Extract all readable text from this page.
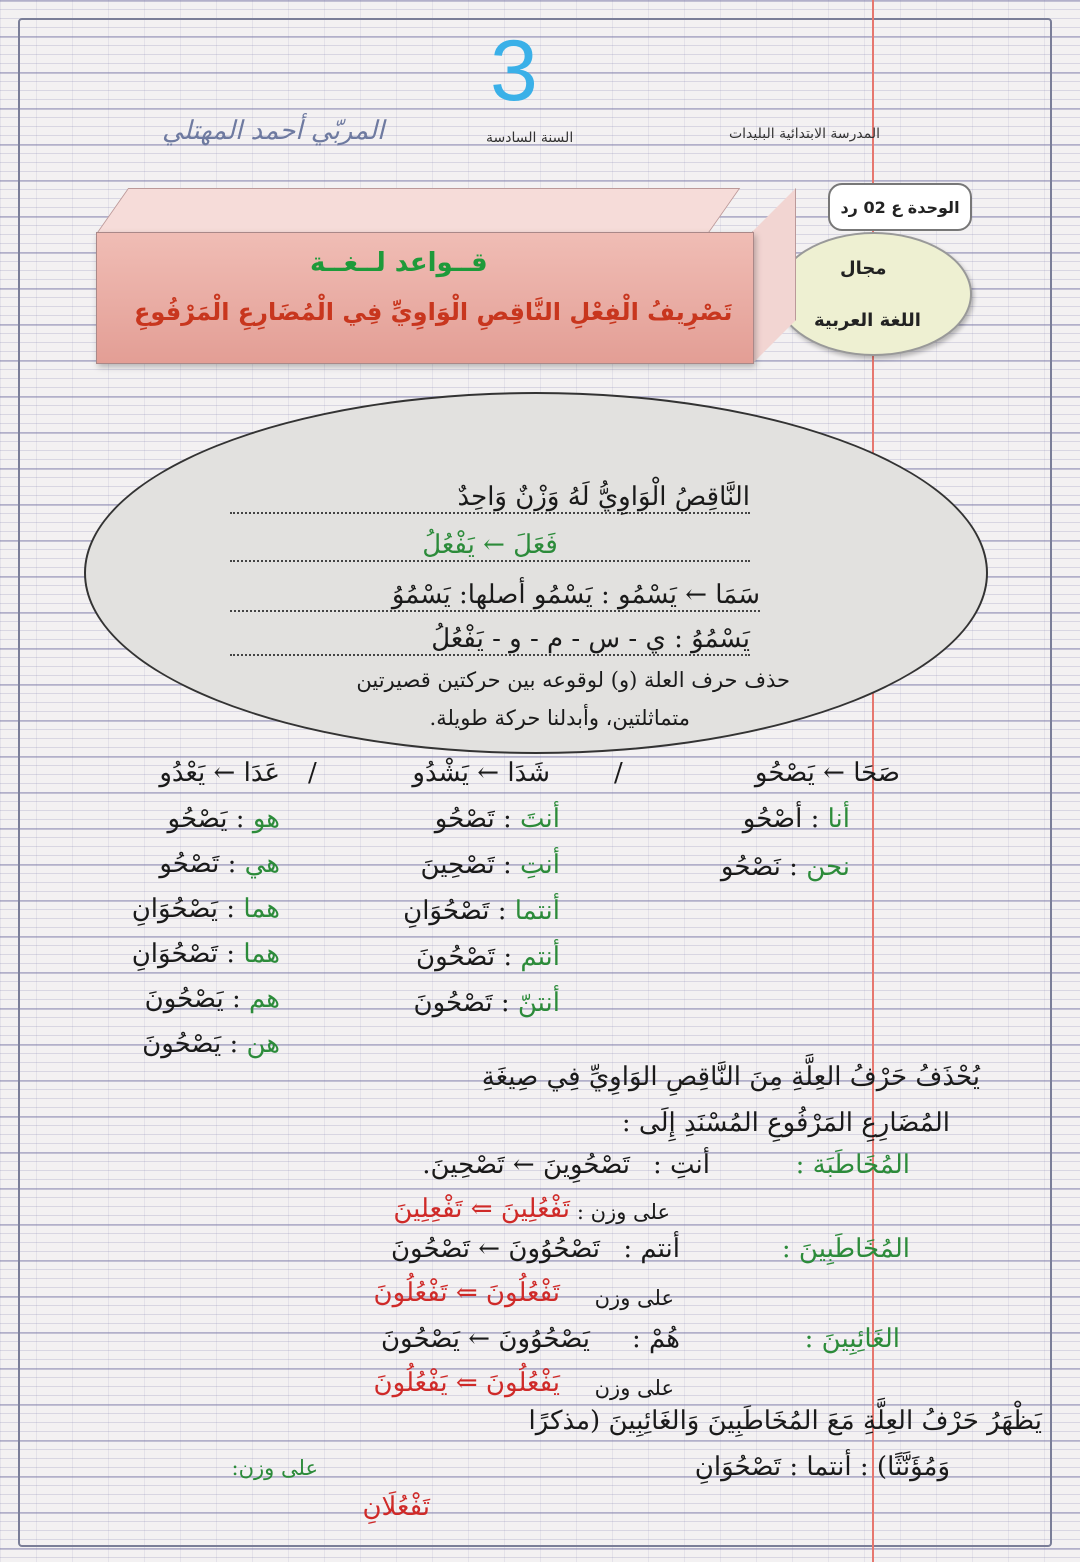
3
المدرسة الابتدائية البليدات
السنة السادسة
المربّي أحمد المهتلي
الوحدة ع 02 رد
مجال
اللغة العربية
قــواعد لــغــة
تَصْرِيفُ الْفِعْلِ النَّاقِصِ الْوَاوِيِّ فِي الْمُضَارِعِ الْمَرْفُوعِ
النَّاقِصُ الْوَاوِيُّ لَهُ وَزْنٌ وَاحِدٌ
فَعَلَ ← يَفْعُلُ
سَمَا ← يَسْمُو : يَسْمُو أصلها: يَسْمُوُ
يَسْمُوُ : ي - س - م - و - يَفْعُلُ
حذف حرف العلة (و) لوقوعه بين حركتين قصيرتين
متماثلتين، وأبدلنا حركة طويلة.
صَحَا ← يَصْحُو
/
شَدَا ← يَشْدُو
/
عَدَا ← يَعْدُو
أنا : أصْحُو
نحن : نَصْحُو
أنتَ : تَصْحُو
أنتِ : تَصْحِينَ
أنتما : تَصْحُوَانِ
أنتم : تَصْحُونَ
أنتنّ : تَصْحُونَ
هو : يَصْحُو
هي : تَصْحُو
هما : يَصْحُوَانِ
هما : تَصْحُوَانِ
هم : يَصْحُونَ
هن : يَصْحُونَ
يُحْذَفُ حَرْفُ العِلَّةِ مِنَ النَّاقِصِ الوَاوِيِّ فِي صِيغَةِ
المُضَارِعِ المَرْفُوعِ المُسْنَدِ إِلَى :
المُخَاطَبَة :
أنتِ :
تَصْحُوِينَ ← تَصْحِينَ.
على وزن :
تَفْعُلِينَ ⇐ تَفْعِلِينَ
المُخَاطَبِينَ :
أنتم :
تَصْحُوُونَ ← تَصْحُونَ
على وزن
تَفْعُلُونَ ⇐ تَفْعُلُونَ
الغَائِبِينَ :
هُمْ :
يَصْحُوُونَ ← يَصْحُونَ
على وزن
يَفْعُلُونَ ⇐ يَفْعُلُونَ
يَظْهَرُ حَرْفُ العِلَّةِ مَعَ المُخَاطَبِينَ وَالغَائِبِينَ (مذكرًا
وَمُؤَنَّثًا) : أنتما : تَصْحُوَانِ
على وزن:
تَفْعُلَانِ
